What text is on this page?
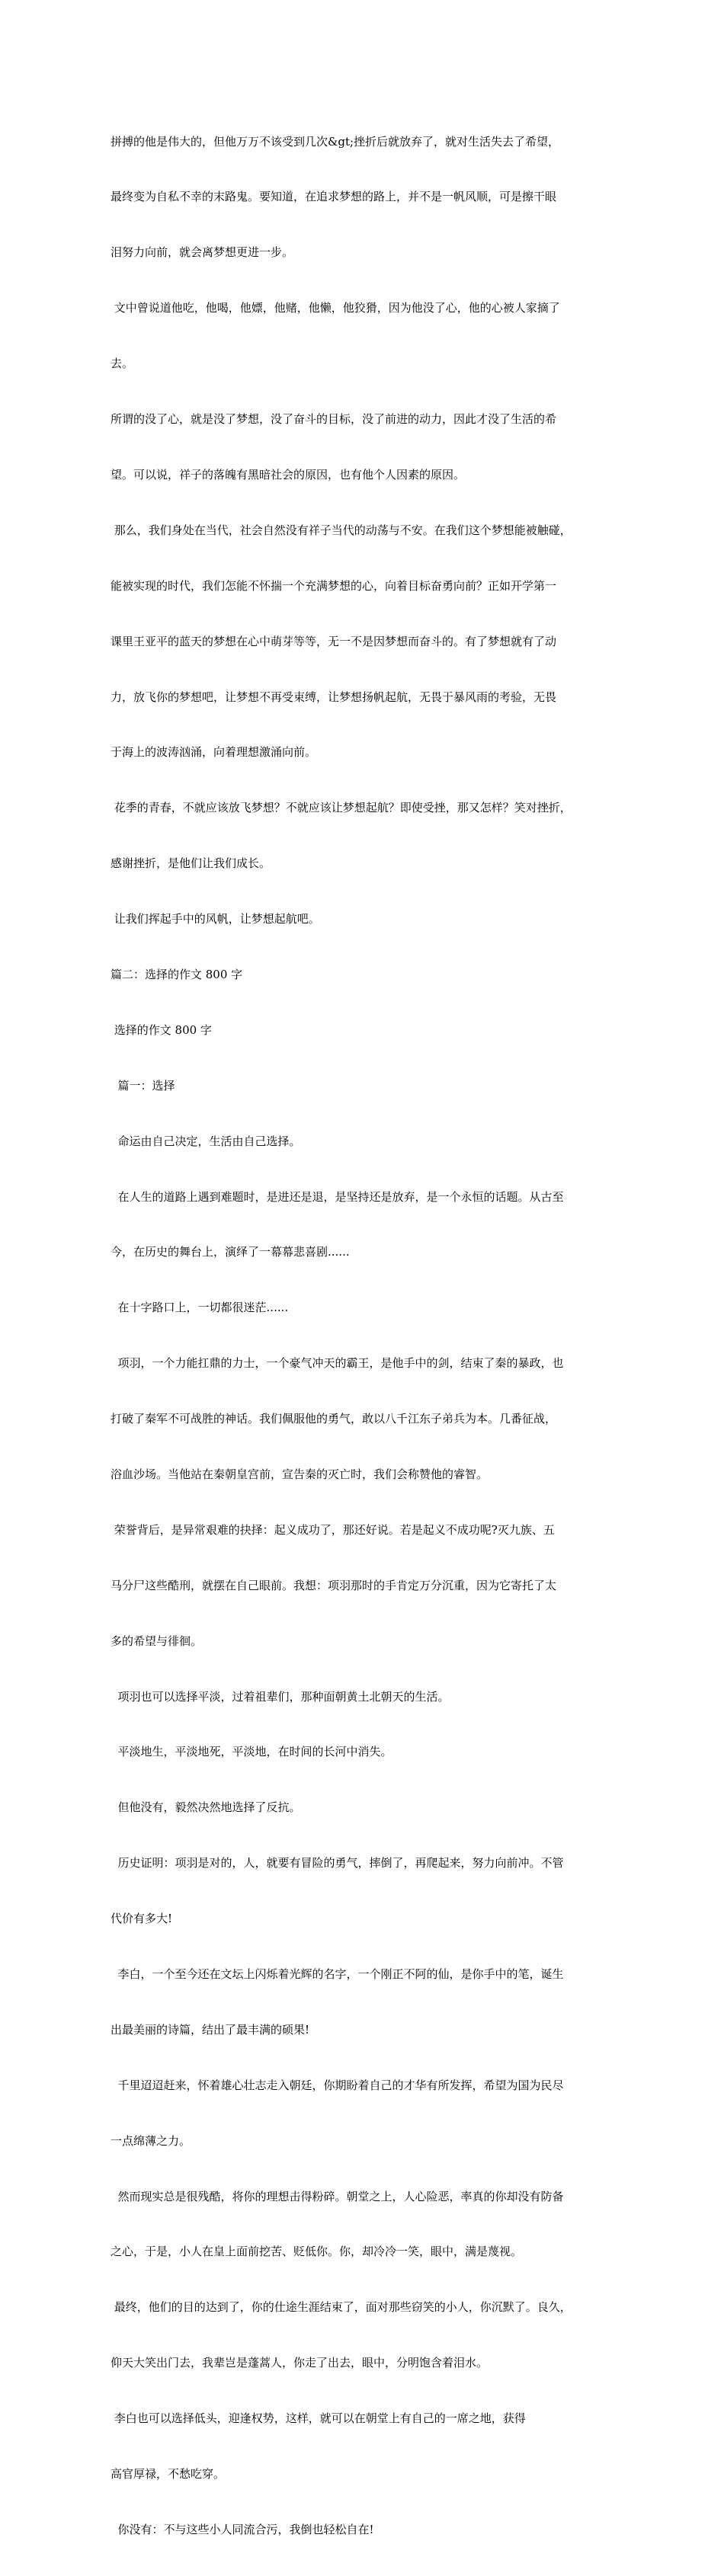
拼搏的他是伟大的，但他万万不该受到几次&gt;挫折后就放弃了，就对生活失去了希望，

最终变为自私不幸的末路鬼。要知道，在追求梦想的路上，并不是一帆风顺，可是擦干眼

泪努力向前，就会离梦想更进一步。

文中曾说道他吃，他喝，他嫖，他赌，他懒，他狡猾，因为他没了心，他的心被人家摘了

去。

所谓的没了心，就是没了梦想，没了奋斗的目标，没了前进的动力，因此才没了生活的希

望。可以说，祥子的落魄有黑暗社会的原因，也有他个人因素的原因。

那么，我们身处在当代，社会自然没有祥子当代的动荡与不安。在我们这个梦想能被触碰，

能被实现的时代，我们怎能不怀揣一个充满梦想的心，向着目标奋勇向前？正如开学第一

课里王亚平的蓝天的梦想在心中萌芽等等，无一不是因梦想而奋斗的。有了梦想就有了动

力，放飞你的梦想吧，让梦想不再受束缚，让梦想扬帆起航，无畏于暴风雨的考验，无畏

于海上的波涛汹涌，向着理想激涌向前。

花季的青春，不就应该放飞梦想？不就应该让梦想起航？即使受挫，那又怎样？笑对挫折，

感谢挫折，是他们让我们成长。

让我们挥起手中的风帆，让梦想起航吧。

篇二：选择的作文 800 字

选择的作文 800 字

篇一：选择

命运由自己决定，生活由自己选择。

在人生的道路上遇到难题时，是进还是退，是坚持还是放弃，是一个永恒的话题。从古至

今，在历史的舞台上，演绎了一幕幕悲喜剧......

在十字路口上，一切都很迷茫......

项羽，一个力能扛鼎的力士，一个豪气冲天的霸王，是他手中的剑，结束了秦的暴政，也

打破了秦军不可战胜的神话。我们佩服他的勇气，敢以八千江东子弟兵为本。几番征战，

浴血沙场。当他站在秦朝皇宫前，宣告秦的灭亡时，我们会称赞他的睿智。

荣誉背后，是异常艰难的抉择：起义成功了，那还好说。若是起义不成功呢?灭九族、五

马分尸这些酷刑，就摆在自己眼前。我想：项羽那时的手肯定万分沉重，因为它寄托了太

多的希望与徘徊。

项羽也可以选择平淡，过着祖辈们，那种面朝黄土北朝天的生活。

平淡地生，平淡地死，平淡地，在时间的长河中消失。

但他没有，毅然决然地选择了反抗。

历史证明：项羽是对的，人，就要有冒险的勇气，摔倒了，再爬起来，努力向前冲。不管

代价有多大!

李白，一个至今还在文坛上闪烁着光辉的名字，一个刚正不阿的仙，是你手中的笔，诞生

出最美丽的诗篇，结出了最丰满的硕果!

千里迢迢赶来，怀着雄心壮志走入朝廷，你期盼着自己的才华有所发挥，希望为国为民尽

一点绵薄之力。

然而现实总是很残酷，将你的理想击得粉碎。朝堂之上，人心险恶，率真的你却没有防备

之心，于是，小人在皇上面前挖苦、贬低你。你，却冷冷一笑，眼中，满是蔑视。

最终，他们的目的达到了，你的仕途生涯结束了，面对那些窃笑的小人，你沉默了。良久，

仰天大笑出门去，我辈岂是蓬蒿人，你走了出去，眼中，分明饱含着泪水。

李白也可以选择低头，迎逢权势，这样，就可以在朝堂上有自己的一席之地，获得

高官厚禄，不愁吃穿。

你没有：不与这些小人同流合污，我倒也轻松自在!
